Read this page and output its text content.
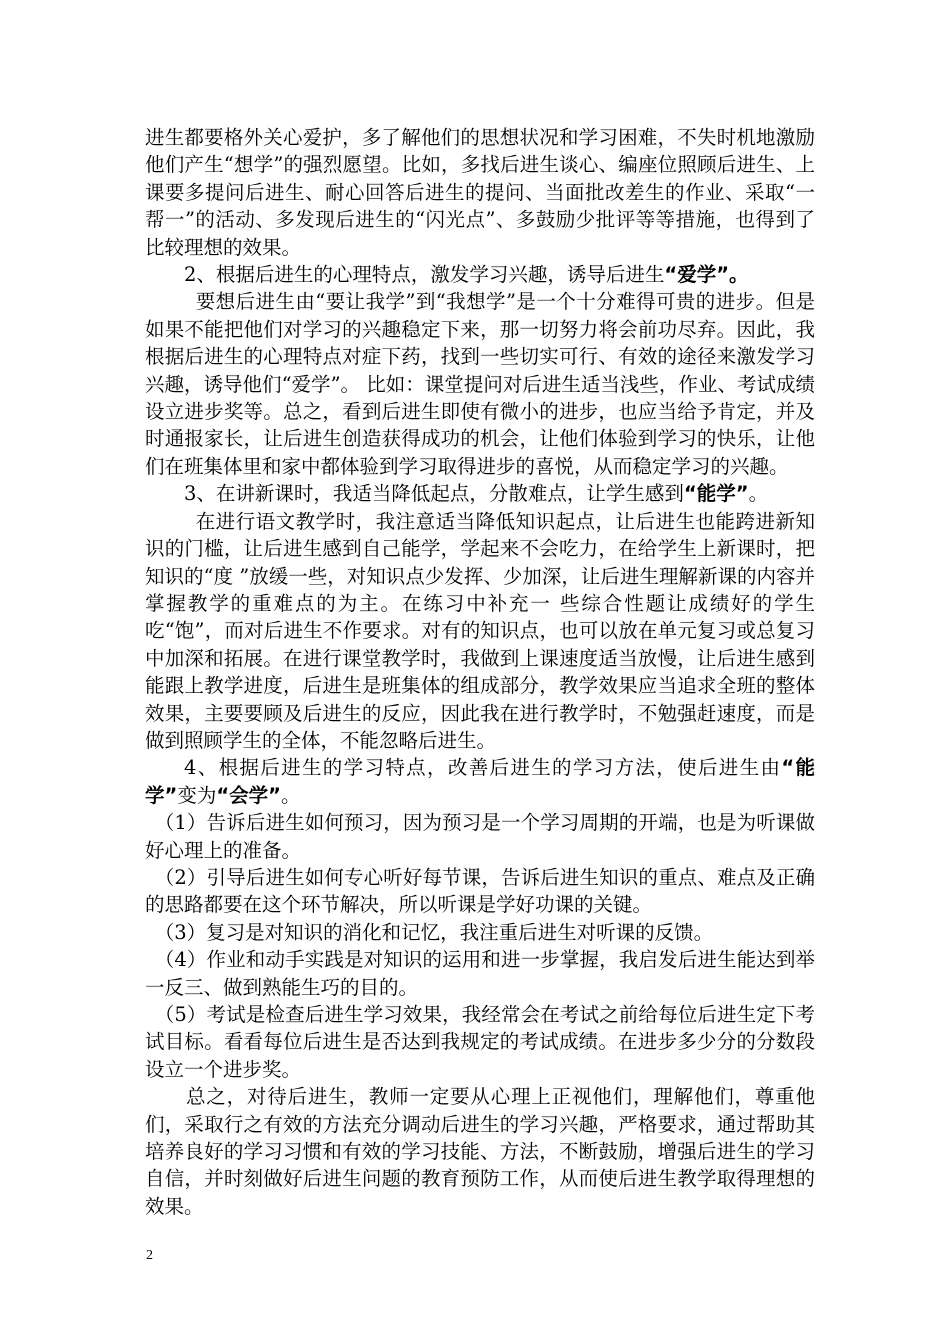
进生都要格外关心爱护，多了解他们的思想状况和学习困难，不失时机地激励他们产生“想学”的强烈愿望。比如，多找后进生谈心、编座位照顾后进生、上课要多提问后进生、耐心回答后进生的提问、当面批改差生的作业、采取“一帮一”的活动、多发现后进生的“闪光点”、多鼓励少批评等等措施，也得到了比较理想的效果。

2、根据后进生的心理特点，激发学习兴趣，诱导后进生“爱学”。

要想后进生由“要让我学”到“我想学”是一个十分难得可贵的进步。但是如果不能把他们对学习的兴趣稳定下来，那一切努力将会前功尽弃。因此，我根据后进生的心理特点对症下药，找到一些切实可行、有效的途径来激发学习兴趣，诱导他们“爱学”。 比如：课堂提问对后进生适当浅些，作业、考试成绩设立进步奖等。总之，看到后进生即使有微小的进步，也应当给予肯定，并及时通报家长，让后进生创造获得成功的机会，让他们体验到学习的快乐，让他们在班集体里和家中都体验到学习取得进步的喜悦，从而稳定学习的兴趣。

3、在讲新课时，我适当降低起点，分散难点，让学生感到“能学”。

在进行语文教学时，我注意适当降低知识起点，让后进生也能跨进新知识的门槛，让后进生感到自己能学，学起来不会吃力，在给学生上新课时，把知识的“度 ”放缓一些，对知识点少发挥、少加深，让后进生理解新课的内容并掌握教学的重难点的为主。在练习中补充一 些综合性题让成绩好的学生吃“饱”，而对后进生不作要求。对有的知识点，也可以放在单元复习或总复习中加深和拓展。在进行课堂教学时，我做到上课速度适当放慢，让后进生感到能跟上教学进度，后进生是班集体的组成部分，教学效果应当追求全班的整体效果，主要要顾及后进生的反应，因此我在进行教学时，不勉强赶速度，而是做到照顾学生的全体，不能忽略后进生。

4、根据后进生的学习特点，改善后进生的学习方法，使后进生由“能学”变为“会学”。

（1）告诉后进生如何预习，因为预习是一个学习周期的开端，也是为听课做好心理上的准备。

（2）引导后进生如何专心听好每节课，告诉后进生知识的重点、难点及正确的思路都要在这个环节解决，所以听课是学好功课的关键。

（3）复习是对知识的消化和记忆，我注重后进生对听课的反馈。

（4）作业和动手实践是对知识的运用和进一步掌握，我启发后进生能达到举一反三、做到熟能生巧的目的。

（5）考试是检查后进生学习效果，我经常会在考试之前给每位后进生定下考试目标。看看每位后进生是否达到我规定的考试成绩。在进步多少分的分数段设立一个进步奖。

总之，对待后进生，教师一定要从心理上正视他们，理解他们，尊重他们，采取行之有效的方法充分调动后进生的学习兴趣，严格要求，通过帮助其培养良好的学习习惯和有效的学习技能、方法，不断鼓励，增强后进生的学习自信，并时刻做好后进生问题的教育预防工作，从而使后进生教学取得理想的效果。

2
